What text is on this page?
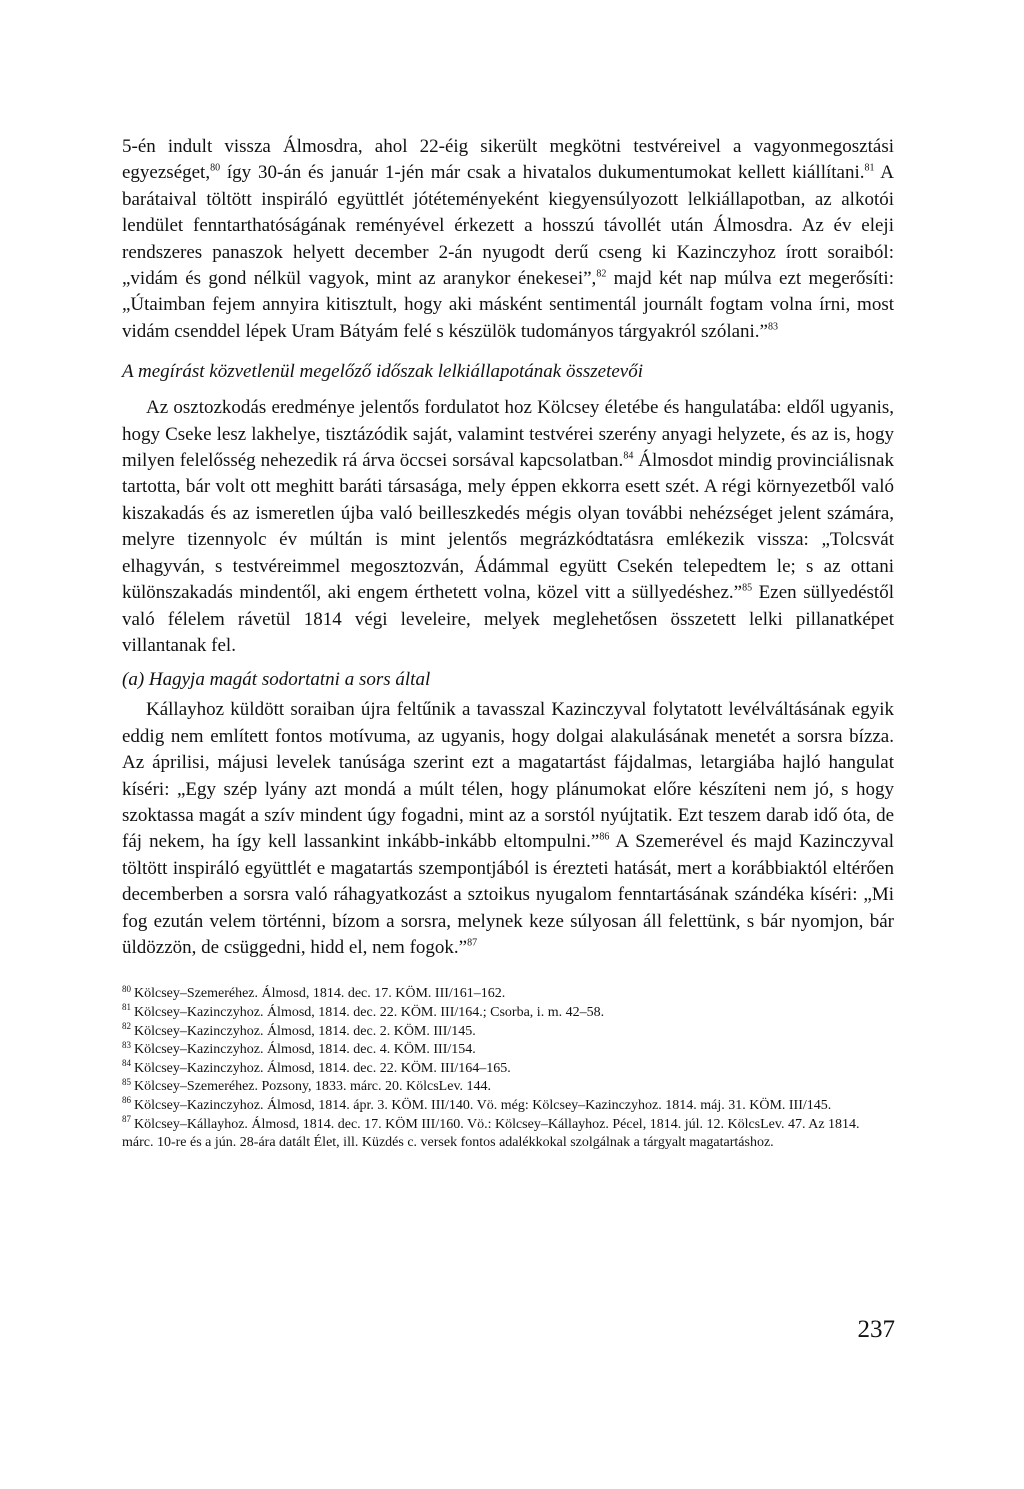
5-én indult vissza Álmosdra, ahol 22-éig sikerült megkötni testvéreivel a vagyonmegosztási egyezséget,$^{80}$ így 30-án és január 1-jén már csak a hivatalos dukumentumokat kellett kiállítani.$^{81}$ A barátaival töltött inspiráló együttlét jótéteményeként kiegyensúlyozott lelkiállapotban, az alkotói lendület fenntarthatóságának reményével érkezett a hosszú távollét után Álmosdra. Az év eleji rendszeres panaszok helyett december 2-án nyugodt derű cseng ki Kazinczyhoz írott soraiból: „vidám és gond nélkül vagyok, mint az aranykor énekesei”,$^{82}$ majd két nap múlva ezt megerősíti: „Útaimban fejem annyira kitisztult, hogy aki másként sentimentál journált fogtam volna írni, most vidám csenddel lépek Uram Bátyám felé s készülök tudományos tárgyakról szólani.”$^{83}$

A megírást közvetlenül megelőző időszak lelkiállapotának összetevői

Az osztozkodás eredménye jelentős fordulatot hoz Kölcsey életébe és hangulatába: eldől ugyanis, hogy Cseke lesz lakhelye, tisztázódik saját, valamint testvérei szerény anyagi helyzete, és az is, hogy milyen felelősség nehezedik rá árva öccsei sorsával kapcsolatban.$^{84}$ Álmosdot mindig provinciálisnak tartotta, bár volt ott meghitt baráti társasága, mely éppen ekkorra esett szét. A régi környezetből való kiszakadás és az ismeretlen újba való beilleszkedés mégis olyan további nehézséget jelent számára, melyre tizennyolc év múltán is mint jelentős megrázkódtatásra emlékezik vissza: „Tolcsvát elhagyván, s testvéreimmel megosztozván, Ádámmal együtt Csekén telepedtem le; s az ottani különszakadás mindentől, aki engem érthetett volna, közel vitt a süllyedéshez.”$^{85}$ Ezen süllyedéstől való félelem rávetül 1814 végi leveleire, melyek meglehetősen összetett lelki pillanatképet villantanak fel.

(a) Hagyja magát sodortatni a sors által

Kállayhoz küldött soraiban újra feltűnik a tavasszal Kazinczyval folytatott levélváltásának egyik eddig nem említett fontos motívuma, az ugyanis, hogy dolgai alakulásának menetét a sorsra bízza. Az áprilisi, májusi levelek tanúsága szerint ezt a magatartást fájdalmas, letargiába hajló hangulat kíséri: „Egy szép lyány azt mondá a múlt télen, hogy plánumokat előre készíteni nem jó, s hogy szoktassa magát a szív mindent úgy fogadni, mint az a sorstól nyújtatik. Ezt teszem darab idő óta, de fáj nekem, ha így kell lassankint inkább-inkább eltompulni.”$^{86}$ A Szemerével és majd Kazinczyval töltött inspiráló együttlét e magatartás szempontjából is érezteti hatását, mert a korábbiaktól eltérően decemberben a sorsra való ráhagyatkozást a sztoikus nyugalom fenntartásának szándéka kíséri: „Mi fog ezután velem történni, bízom a sorsra, melynek keze súlyosan áll felettünk, s bár nyomjon, bár üldözzön, de csüggedni, hidd el, nem fogok.”$^{87}$

$^{80}$ Kölcsey–Szemeréhez. Álmosd, 1814. dec. 17. KÖM. III/161–162.

$^{81}$ Kölcsey–Kazinczyhoz. Álmosd, 1814. dec. 22. KÖM. III/164.; Csorba, i. m. 42–58.

$^{82}$ Kölcsey–Kazinczyhoz. Álmosd, 1814. dec. 2. KÖM. III/145.

$^{83}$ Kölcsey–Kazinczyhoz. Álmosd, 1814. dec. 4. KÖM. III/154.

$^{84}$ Kölcsey–Kazinczyhoz. Álmosd, 1814. dec. 22. KÖM. III/164–165.

$^{85}$ Kölcsey–Szemeréhez. Pozsony, 1833. márc. 20. KölcsLev. 144.

$^{86}$ Kölcsey–Kazinczyhoz. Álmosd, 1814. ápr. 3. KÖM. III/140. Vö. még: Kölcsey–Kazinczyhoz. 1814. máj. 31. KÖM. III/145.

$^{87}$ Kölcsey–Kállayhoz. Álmosd, 1814. dec. 17. KÖM III/160. Vö.: Kölcsey–Kállayhoz. Pécel, 1814. júl. 12. KölcsLev. 47. Az 1814. márc. 10-re és a jún. 28-ára datált Élet, ill. Küzdés c. versek fontos adalékkokal szolgálnak a tárgyalt magatartáshoz.

237
